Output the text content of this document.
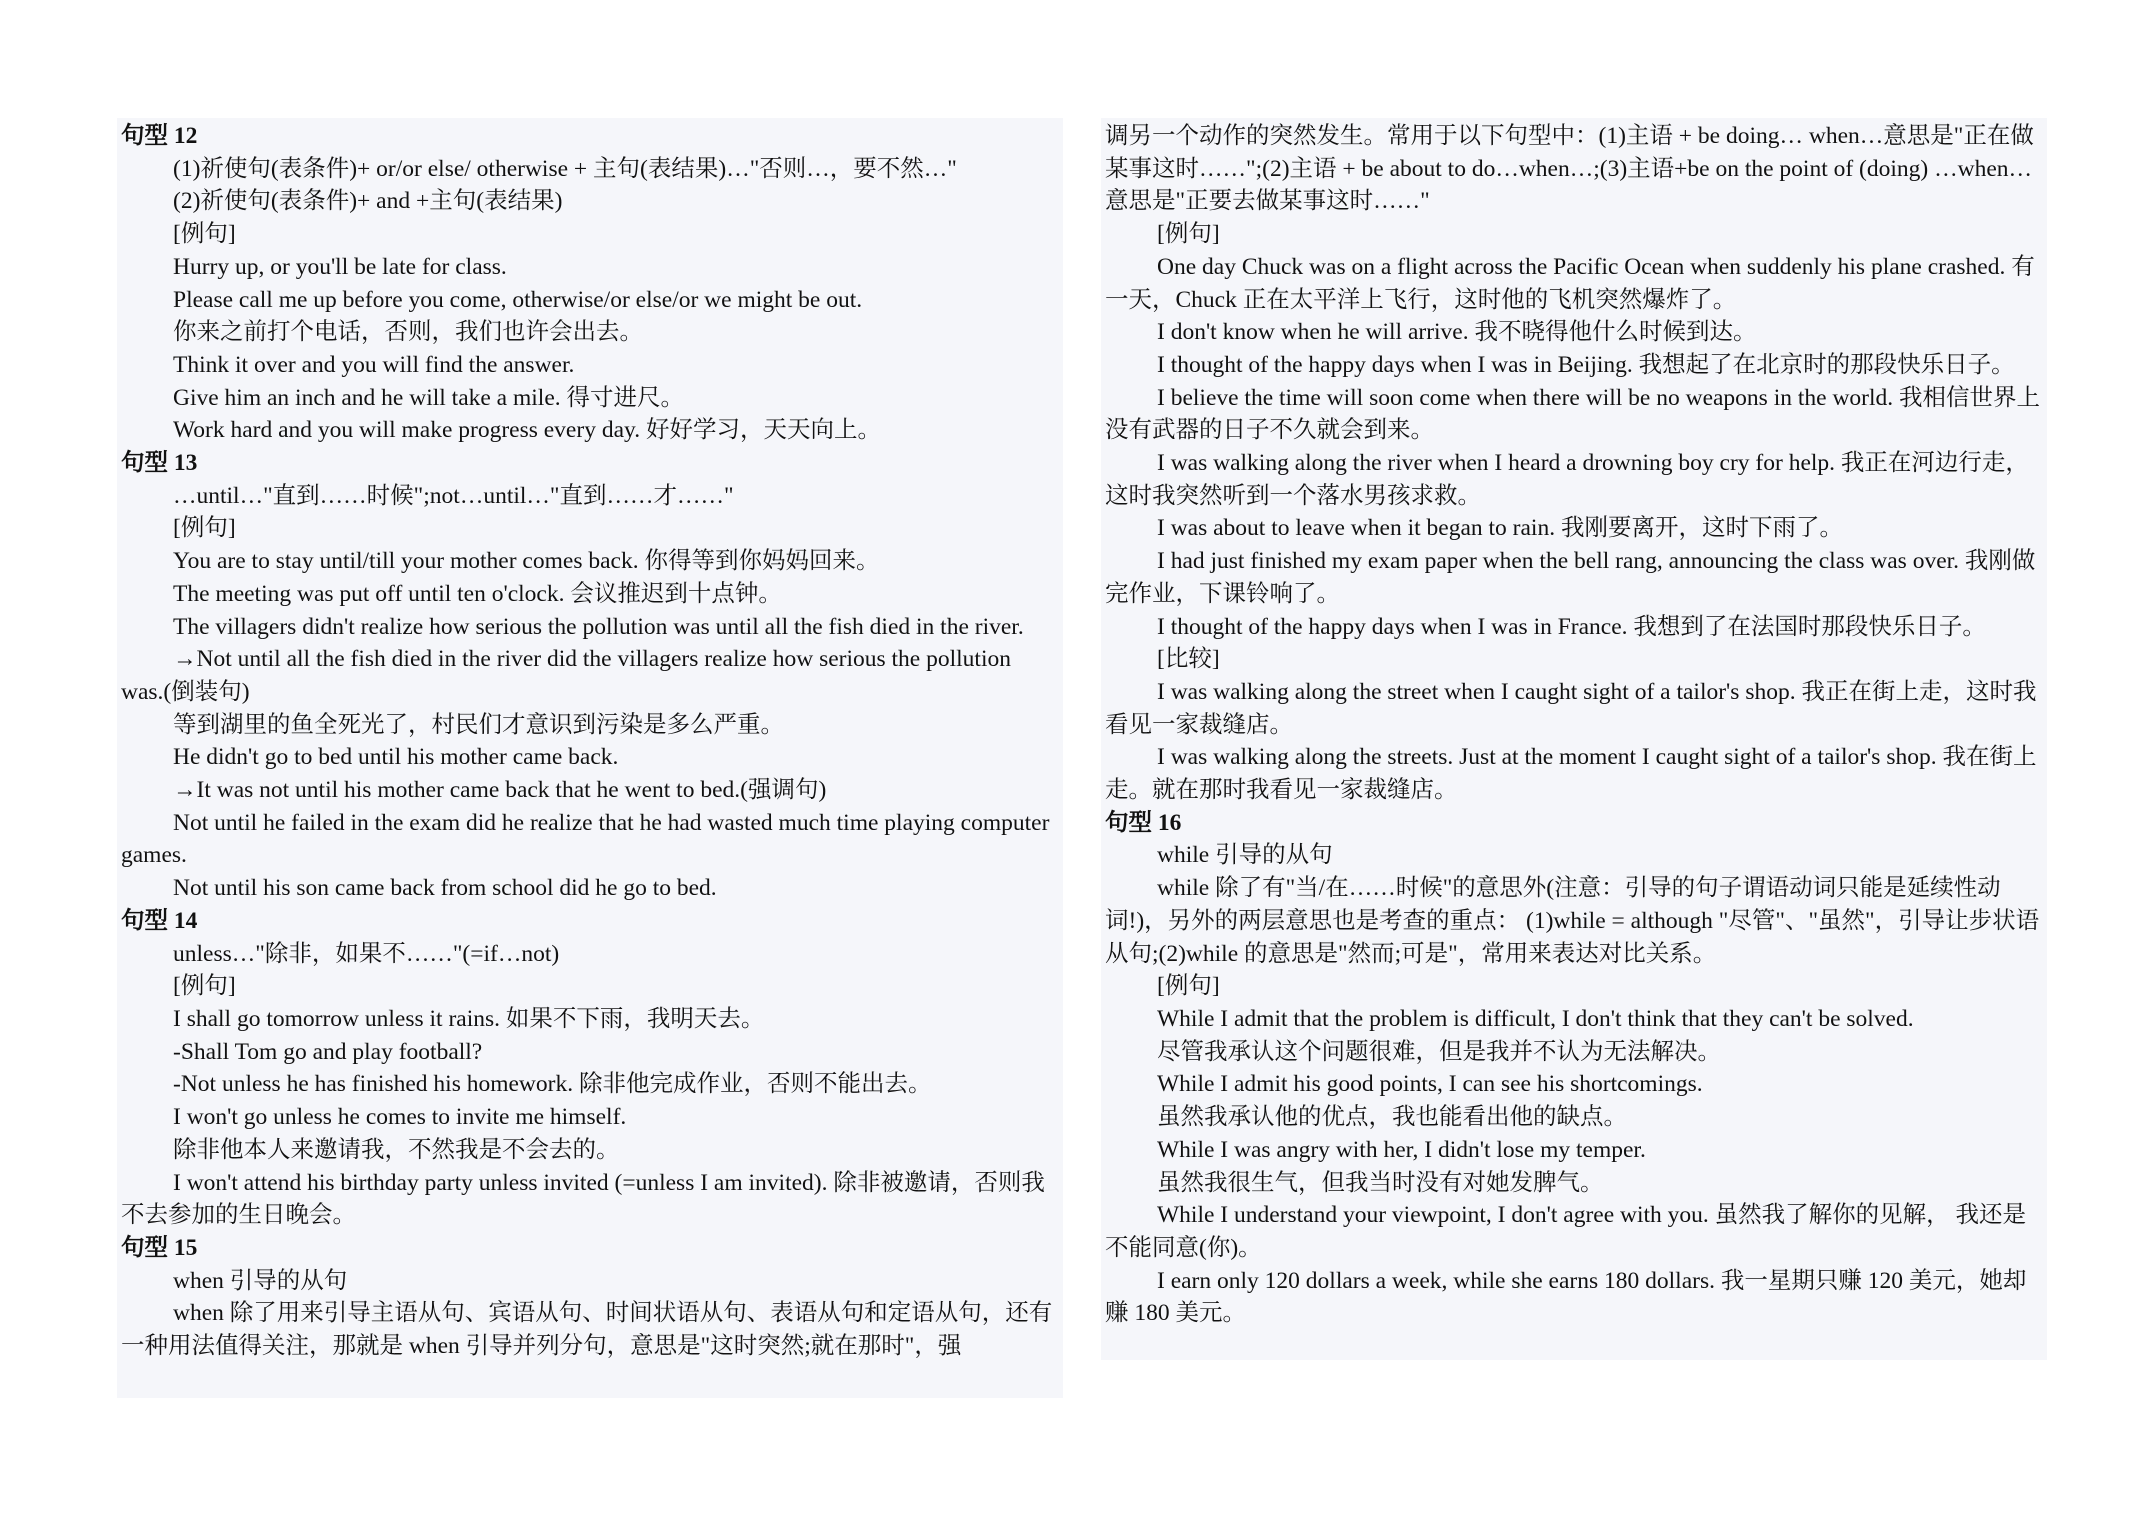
句型 12

(1)祈使句(表条件)+ or/or else/ otherwise + 主句(表结果)…"否则…，要不然…"

(2)祈使句(表条件)+ and +主句(表结果)

[例句]

Hurry up, or you'll be late for class.

Please call me up before you come, otherwise/or else/or we might be out.

你来之前打个电话，否则，我们也许会出去。

Think it over and you will find the answer.

Give him an inch and he will take a mile. 得寸进尺。

Work hard and you will make progress every day. 好好学习，天天向上。

句型 13

…until…"直到……时候";not…until…"直到……才……"

[例句]

You are to stay until/till your mother comes back. 你得等到你妈妈回来。

The meeting was put off until ten o'clock. 会议推迟到十点钟。

The villagers didn't realize how serious the pollution was until all the fish died in the river.

→Not until all the fish died in the river did the villagers realize how serious the pollution was.(倒装句)

等到湖里的鱼全死光了，村民们才意识到污染是多么严重。

He didn't go to bed until his mother came back.

→It was not until his mother came back that he went to bed.(强调句)

Not until he failed in the exam did he realize that he had wasted much time playing computer games.

Not until his son came back from school did he go to bed.

句型 14

unless…"除非，如果不……"(=if…not)

[例句]

I shall go tomorrow unless it rains. 如果不下雨，我明天去。

-Shall Tom go and play football?

-Not unless he has finished his homework. 除非他完成作业，否则不能出去。

I won't go unless he comes to invite me himself.

除非他本人来邀请我，不然我是不会去的。

I won't attend his birthday party unless invited (=unless I am invited). 除非被邀请，否则我不去参加的生日晚会。

句型 15

when 引导的从句

when 除了用来引导主语从句、宾语从句、时间状语从句、表语从句和定语从句，还有一种用法值得关注，那就是 when 引导并列分句，意思是"这时突然;就在那时"，强

调另一个动作的突然发生。常用于以下句型中：(1)主语 + be doing… when…意思是"正在做某事这时……";(2)主语 + be about to do…when…;(3)主语+be on the point of (doing) …when…意思是"正要去做某事这时……"

[例句]

One day Chuck was on a flight across the Pacific Ocean when suddenly his plane crashed. 有一天，Chuck 正在太平洋上飞行，这时他的飞机突然爆炸了。

I don't know when he will arrive. 我不晓得他什么时候到达。

I thought of the happy days when I was in Beijing. 我想起了在北京时的那段快乐日子。

I believe the time will soon come when there will be no weapons in the world. 我相信世界上没有武器的日子不久就会到来。

I was walking along the river when I heard a drowning boy cry for help. 我正在河边行走，这时我突然听到一个落水男孩求救。

I was about to leave when it began to rain. 我刚要离开，这时下雨了。

I had just finished my exam paper when the bell rang, announcing the class was over. 我刚做完作业，下课铃响了。

I thought of the happy days when I was in France. 我想到了在法国时那段快乐日子。

[比较]

I was walking along the street when I caught sight of a tailor's shop. 我正在街上走，这时我看见一家裁缝店。

I was walking along the streets. Just at the moment I caught sight of a tailor's shop. 我在街上走。就在那时我看见一家裁缝店。

句型 16

while 引导的从句

while 除了有"当/在……时候"的意思外(注意：引导的句子谓语动词只能是延续性动词!)，另外的两层意思也是考查的重点： (1)while = although "尽管"、"虽然"，引导让步状语从句;(2)while 的意思是"然而;可是"，常用来表达对比关系。

[例句]

While I admit that the problem is difficult, I don't think that they can't be solved.

尽管我承认这个问题很难，但是我并不认为无法解决。

While I admit his good points, I can see his shortcomings.

虽然我承认他的优点，我也能看出他的缺点。

While I was angry with her, I didn't lose my temper.

虽然我很生气，但我当时没有对她发脾气。

While I understand your viewpoint, I don't agree with you. 虽然我了解你的见解， 我还是不能同意(你)。

I earn only 120 dollars a week, while she earns 180 dollars. 我一星期只赚 120 美元，她却赚 180 美元。
